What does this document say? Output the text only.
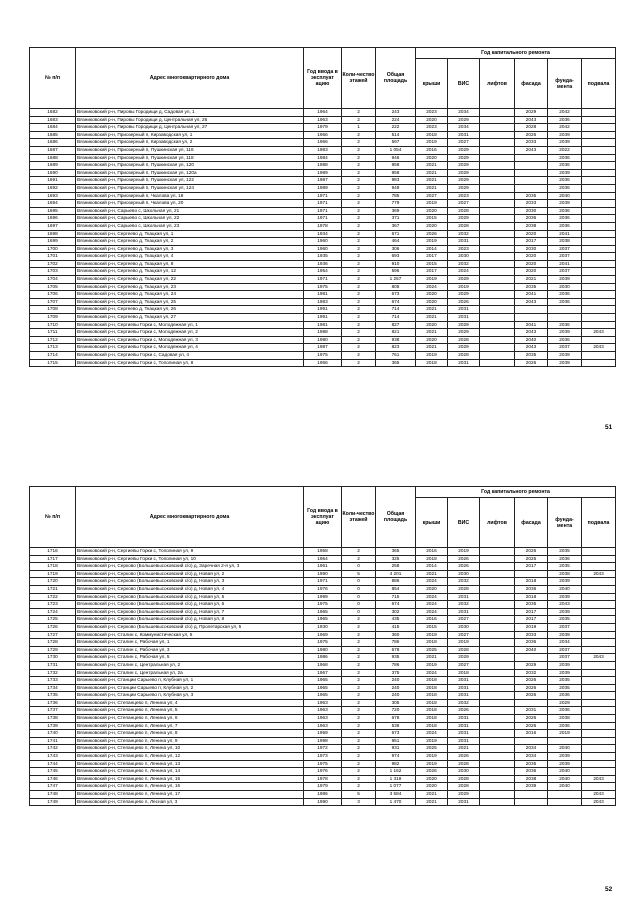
№ п/п	Адрес многоквартирного дома	Год ввода в эксплуат ацию	Коли-чество этажей	Общая площадь	Год капитального ремонта					
					крыши	ВИС	лифтов	фасада	фунда-мента	подвала
1682	Вязниковский р-н, Пировы Городищи д, Садовая ул, 1	1964	2	243	2023	2034		2029	2042	
1683	Вязниковский р-н, Пировы Городищи д, Центральная ул, 26	1963	2	224	2020	2029		2043	2036	
1684	Вязниковский р-н, Пировы Городищи д, Центральная ул, 27	1979	1	222	2023	2034		2028	2042	
1685	Вязниковский р-н, Приозерный п, Кирзаводская ул, 1	1966	2	514	2018	2031		2026	2039	
1686	Вязниковский р-н, Приозерный п, Кирзаводская ул, 2	1966	2	597	2019	2027		2033	2039	
1687	Вязниковский р-н, Приозерный п, Пушкинская ул, 116	1983	2	1 054	2016	2029		2043	2022	
1688	Вязниковский р-н, Приозерный п, Пушкинская ул, 118	1984	2	946	2020	2029			2036	
1689	Вязниковский р-н, Приозерный п, Пушкинская ул, 120	1988	2	958	2021	2029			2036	
1690	Вязниковский р-н, Приозерный п, Пушкинская ул, 120а	1989	2	958	2021	2029			2039	
1691	Вязниковский р-н, Приозерный п, Пушкинская ул, 122	1987	2	983	2021	2029			2036	
1692	Вязниковский р-н, Приозерный п, Пушкинская ул, 124	1989	2	949	2021	2029			2036	
1693	Вязниковский р-н, Приозерный п, Чкалова ул, 18	1971	2	785	2027	2023		2035	2040	
1694	Вязниковский р-н, Приозерный п, Чкалова ул, 20	1971	2	779	2019	2027		2033	2039	
1695	Вязниковский р-н, Сарыево с, Школьная ул, 21	1971	2	369	2020	2028		2030	2036	
1696	Вязниковский р-н, Сарыево с, Школьная ул, 22	1971	2	371	2015	2029		2036	2036	
1697	Вязниковский р-н, Сарыево с, Школьная ул, 23	1978	2	367	2020	2028		2038	2036	
1698	Вязниковский р-н, Сергеево д, Ткацкая ул, 1	1934	2	671	2026	2032		2020	2041	
1699	Вязниковский р-н, Сергеево д, Ткацкая ул, 2	1960	2	464	2019	2031		2017	2038	
1700	Вязниковский р-н, Сергеево д, Ткацкая ул, 3	1960	2	306	2014	2023		2030	2037	
1701	Вязниковский р-н, Сергеево д, Ткацкая ул, 4	1935	2	693	2017	2030		2020	2037	
1702	Вязниковский р-н, Сергеево д, Ткацкая ул, 8	1936	2	910	2015	2032		2020	2041	
1703	Вязниковский р-н, Сергеево д, Ткацкая ул, 12	1954	2	596	2017	2024		2020	2037	
1704	Вязниковский р-н, Сергеево д, Ткацкая ул, 22	1971	2	1 257	2019	2029		2021	2039	
1705	Вязниковский р-н, Сергеево д, Ткацкая ул, 23	1975	2	805	2024	2019		2035	2030	
1706	Вязниковский р-н, Сергеево д, Ткацкая ул, 24	1981	2	673	2020	2029		2041	2036	
1707	Вязниковский р-н, Сергеево д, Ткацкая ул, 25	1983	2	674	2020	2026		2043	2036	
1708	Вязниковский р-н, Сергеево д, Ткацкая ул, 26	1991	2	714	2021	2031				
1709	Вязниковский р-н, Сергеево д, Ткацкая ул, 27	1991	2	714	2021	2031				
1710	Вязниковский р-н, Сергиевы Горки с, Молодежная ул, 1	1981	2	827	2020	2029		2041	2036	
1711	Вязниковский р-н, Сергиевы Горки с, Молодежная ул, 2	1988	2	821	2021	2029		2043	2039	2043
1712	Вязниковский р-н, Сергиевы Горки с, Молодежная ул, 3	1980	2	938	2020	2028		2040	2036	
1713	Вязниковский р-н, Сергиевы Горки с, Молодежная ул, 4	1987	2	823	2021	2029		2043	2037	2043
1714	Вязниковский р-н, Сергиевы Горки с, Садовая ул, 4	1975	2	761	2019	2028		2035	2039	
1715	Вязниковский р-н, Сергиевы Горки с, Тополиная ул, 8	1966	2	365	2018	2031		2026	2039	
51
№ п/п	Адрес многоквартирного дома	Год ввода в эксплуат ацию	Коли-чество этажей	Общая площадь	Год капитального ремонта					
					крыши	ВИС	лифтов	фасада	фунда-мента	подвала
1716	Вязниковский р-н, Сергиевы Горки с, Тополиная ул, 9	1958	2	365	2016	2019		2026	2035	
1717	Вязниковский р-н, Сергиевы Горки с, Тополиная ул, 10	1964	2	325	2018	2026		2025	2036	
1718	Вязниковский р-н, Серково (Большевысоковский с/о) д, Заречная 2-я ул, 3	1961	0	258	2014	2026		2017	2035	
1719	Вязниковский р-н, Серково (Большевысоковский с/о) д, Новая ул, 2	1990	5	4 201	2021	2030			2038	2043
1720	Вязниковский р-н, Серково (Большевысоковский с/о) д, Новая ул, 3	1971	0	886	2024	2032		2018	2039	
1721	Вязниковский р-н, Серково (Большевысоковский с/о) д, Новая ул, 4	1976	0	854	2020	2028		2036	2040	
1722	Вязниковский р-н, Серково (Большевысоковский с/о) д, Новая ул, 5	1999	0	715	2024	2031		2018	2039	
1723	Вязниковский р-н, Серково (Большевысоковский с/о) д, Новая ул, 6	1975	0	674	2024	2032		2035	2043	
1724	Вязниковский р-н, Серково (Большевысоковский с/о) д, Новая ул, 7	1965	0	302	2024	2031		2017	2039	
1725	Вязниковский р-н, Серково (Большевысоковский с/о) д, Новая ул, 8	1965	2	435	2016	2027		2017	2035	
1726	Вязниковский р-н, Серково (Большевысоковский с/о) д, Пролетарская ул, 5	1930	2	415	2015	2030		2019	2037	
1727	Вязниковский р-н, Сталин с, Коммунистическая ул, 5	1969	2	360	2019	2027		2033	2039	
1728	Вязниковский р-н, Сталин с, Рабочая ул, 1	1975	2	786	2018	2019		2036	2034	
1729	Вязниковский р-н, Сталин с, Рабочая ул, 3	1980	2	678	2025	2028		2040	2037	
1730	Вязниковский р-н, Сталин с, Рабочая ул, 5	1986	2	935	2021	2029			2037	2043
1731	Вязниковский р-н, Сталин с, Центральная ул, 2	1968	2	786	2019	2027		2029	2039	
1732	Вязниковский р-н, Сталин с, Центральная ул, 2а	1967	2	375	2024	2018		2032	2039	
1733	Вязниковский р-н, Станции Сарыево п, Клубная ул, 1	1965	2	240	2018	2031		2026	2035	
1734	Вязниковский р-н, Станции Сарыево п, Клубная ул, 2	1965	2	240	2018	2031		2026	2035	
1735	Вязниковский р-н, Станции Сарыево п, Клубная ул, 3	1965	2	240	2018	2031		2026	2036	
1736	Вязниковский р-н, Степанцево п, Ленина ул, 4	1963	2	305	2018	2032			2029	
1737	Вязниковский р-н, Степанцево п, Ленина ул, 5	1963	2	720	2018	2026		2031	2036	
1738	Вязниковский р-н, Степанцево п, Ленина ул, 6	1963	2	678	2018	2031		2026	2038	
1739	Вязниковский р-н, Степанцево п, Ленина ул, 7	1963	2	538	2018	2031		2026	2036	
1740	Вязниковский р-н, Степанцево п, Ленина ул, 8	1959	2	673	2024	2031		2016	2019	
1741	Вязниковский р-н, Степанцево п, Ленина ул, 9	1998	2	951	2019	2031				
1742	Вязниковский р-н, Степанцево п, Ленина ул, 10	1972	2	931	2025	2021		2034	2040	
1743	Вязниковский р-н, Степанцево п, Ленина ул, 12	1973	2	974	2019	2026		2034	2039	
1744	Вязниковский р-н, Степанцево п, Ленина ул, 13	1975	2	982	2019	2028		2035	2039	
1745	Вязниковский р-н, Степанцево п, Ленина ул, 14	1976	2	1 162	2026	2030		2036	2040	
1746	Вязниковский р-н, Степанцево п, Ленина ул, 15	1978	2	1 319	2020	2028		2038	2040	2043
1747	Вязниковский р-н, Степанцево п, Ленина ул, 16	1979	2	1 077	2020	2028		2039	2040	
1748	Вязниковский р-н, Степанцево п, Ленина ул, 17	1986	5	3 584	2021	2029				2043
1749	Вязниковский р-н, Степанцево п, Лесная ул, 3	1990	3	1 470	2021	2031				2043
52
